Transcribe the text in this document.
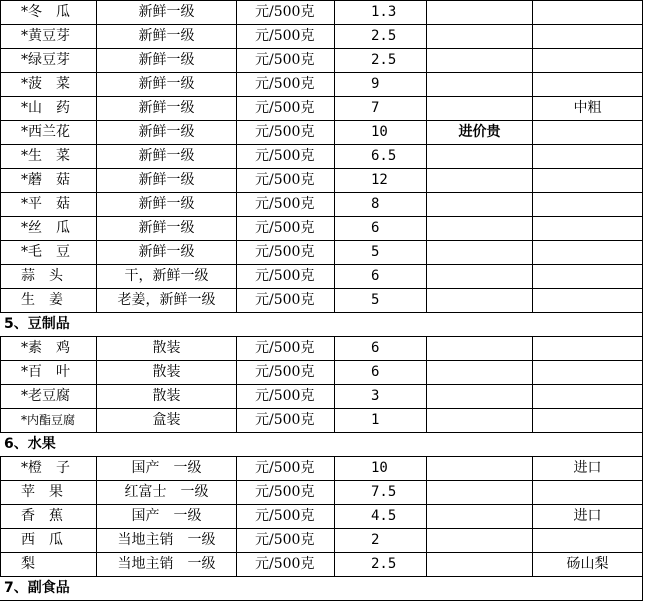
*冬　瓜	新鲜一级	元/500克	1.3		
*黄豆芽	新鲜一级	元/500克	2.5		
*绿豆芽	新鲜一级	元/500克	2.5		
*菠　菜	新鲜一级	元/500克	9		
*山　药	新鲜一级	元/500克	7		中粗
*西兰花	新鲜一级	元/500克	10	进价贵	
*生　菜	新鲜一级	元/500克	6.5		
*蘑　菇	新鲜一级	元/500克	12		
*平　菇	新鲜一级	元/500克	8		
*丝　瓜	新鲜一级	元/500克	6		
*毛　豆	新鲜一级	元/500克	5		
蒜　头	干，新鲜一级	元/500克	6		
生　姜	老姜，新鲜一级	元/500克	5		
5、豆制品					
*素　鸡	散装	元/500克	6		
*百　叶	散装	元/500克	6		
*老豆腐	散装	元/500克	3		
*内酯豆腐	盒装	元/500克	1		
6、水果					
*橙　子	国产　一级	元/500克	10		进口
苹　果	红富士　一级	元/500克	7.5		
香　蕉	国产　一级	元/500克	4.5		进口
西　瓜	当地主销　一级	元/500克	2		
梨	当地主销　一级	元/500克	2.5		砀山梨
7、副食品					
